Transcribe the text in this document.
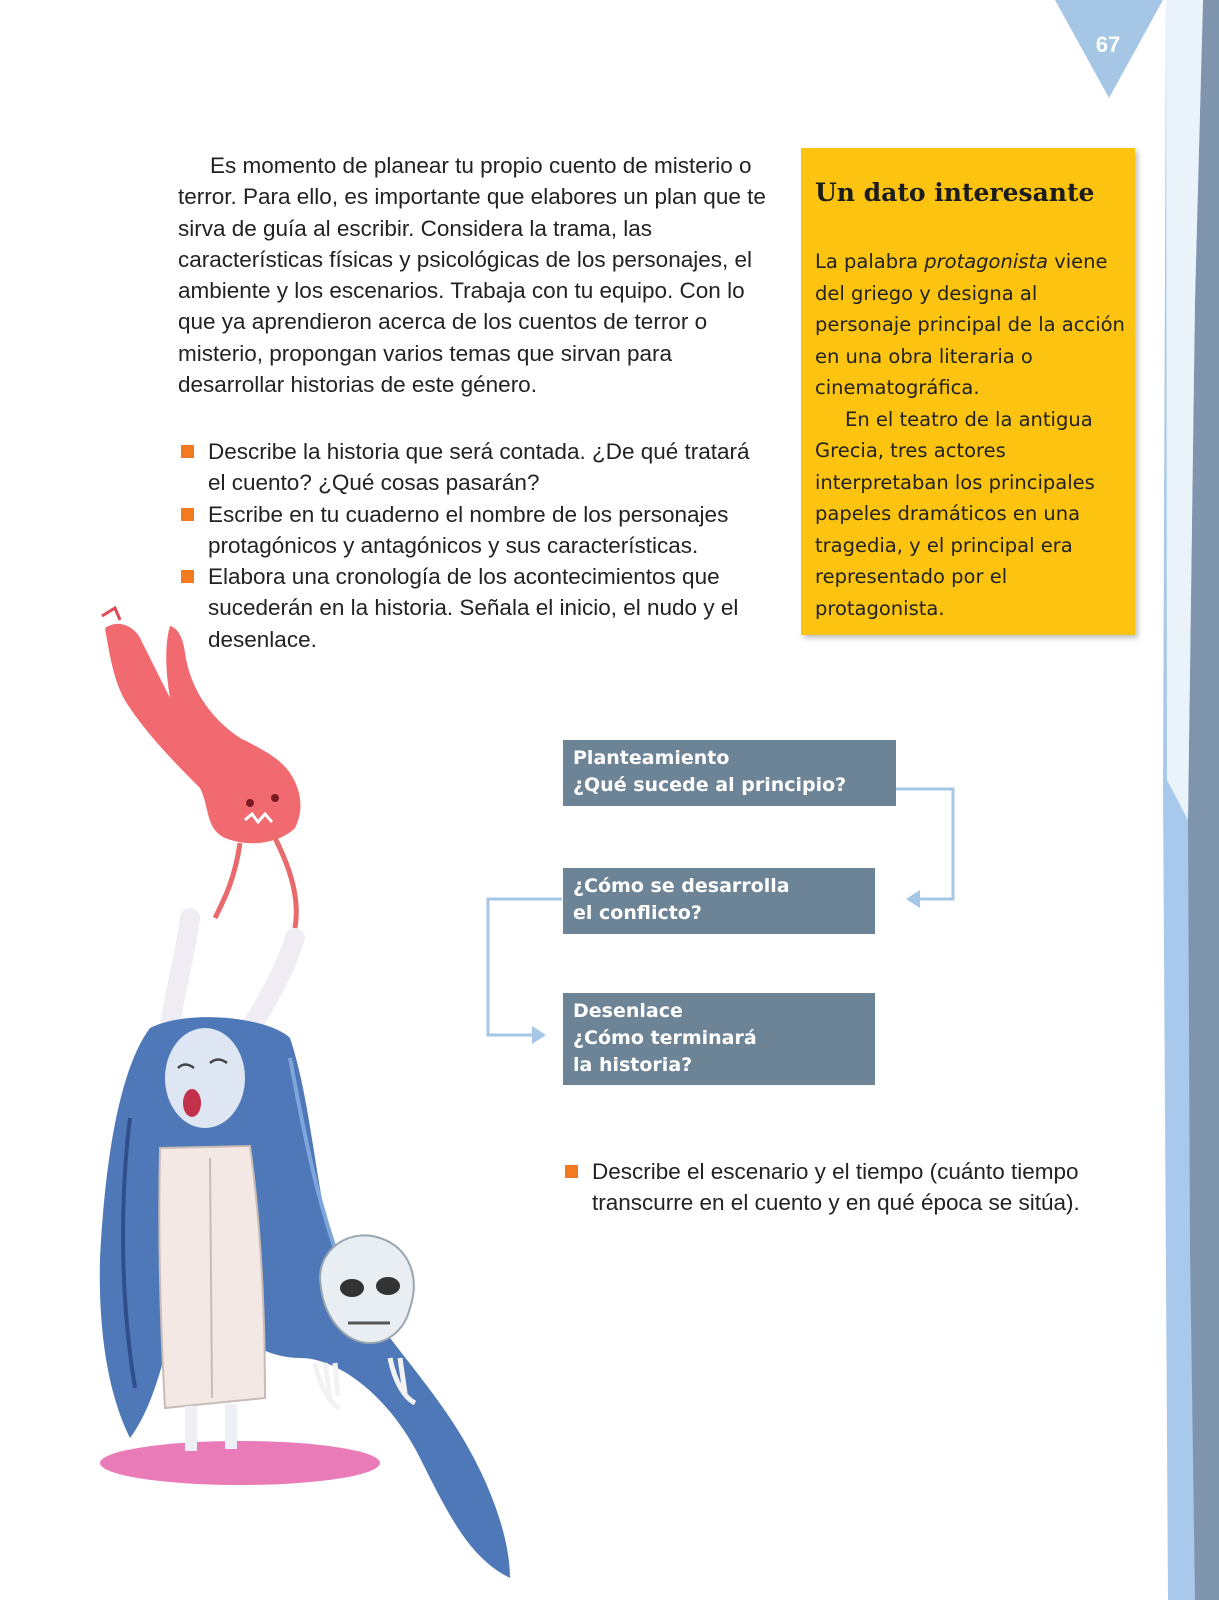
67

Es momento de planear tu propio cuento de misterio o terror. Para ello, es importante que elabores un plan que te sirva de guía al escribir. Considera la trama, las características físicas y psicológicas de los personajes, el ambiente y los escenarios. Trabaja con tu equipo. Con lo que ya aprendieron acerca de los cuentos de terror o misterio, propongan varios temas que sirvan para desarrollar historias de este género.

Describe la historia que será contada. ¿De qué tratará el cuento? ¿Qué cosas pasarán?
Escribe en tu cuaderno el nombre de los personajes protagónicos y antagónicos y sus características.
Elabora una cronología de los acontecimientos que sucederán en la historia. Señala el inicio, el nudo y el desenlace.
Un dato interesante

La palabra protagonista viene del griego y designa al personaje principal de la acción en una obra literaria o cinematográfica.
En el teatro de la antigua Grecia, tres actores interpretaban los principales papeles dramáticos en una tragedia, y el principal era representado por el protagonista.

Planteamiento
¿Qué sucede al principio?
¿Cómo se desarrolla
el conflicto?
Desenlace
¿Cómo terminará
la historia?
Describe el escenario y el tiempo (cuánto tiempo transcurre en el cuento y en qué época se sitúa).
